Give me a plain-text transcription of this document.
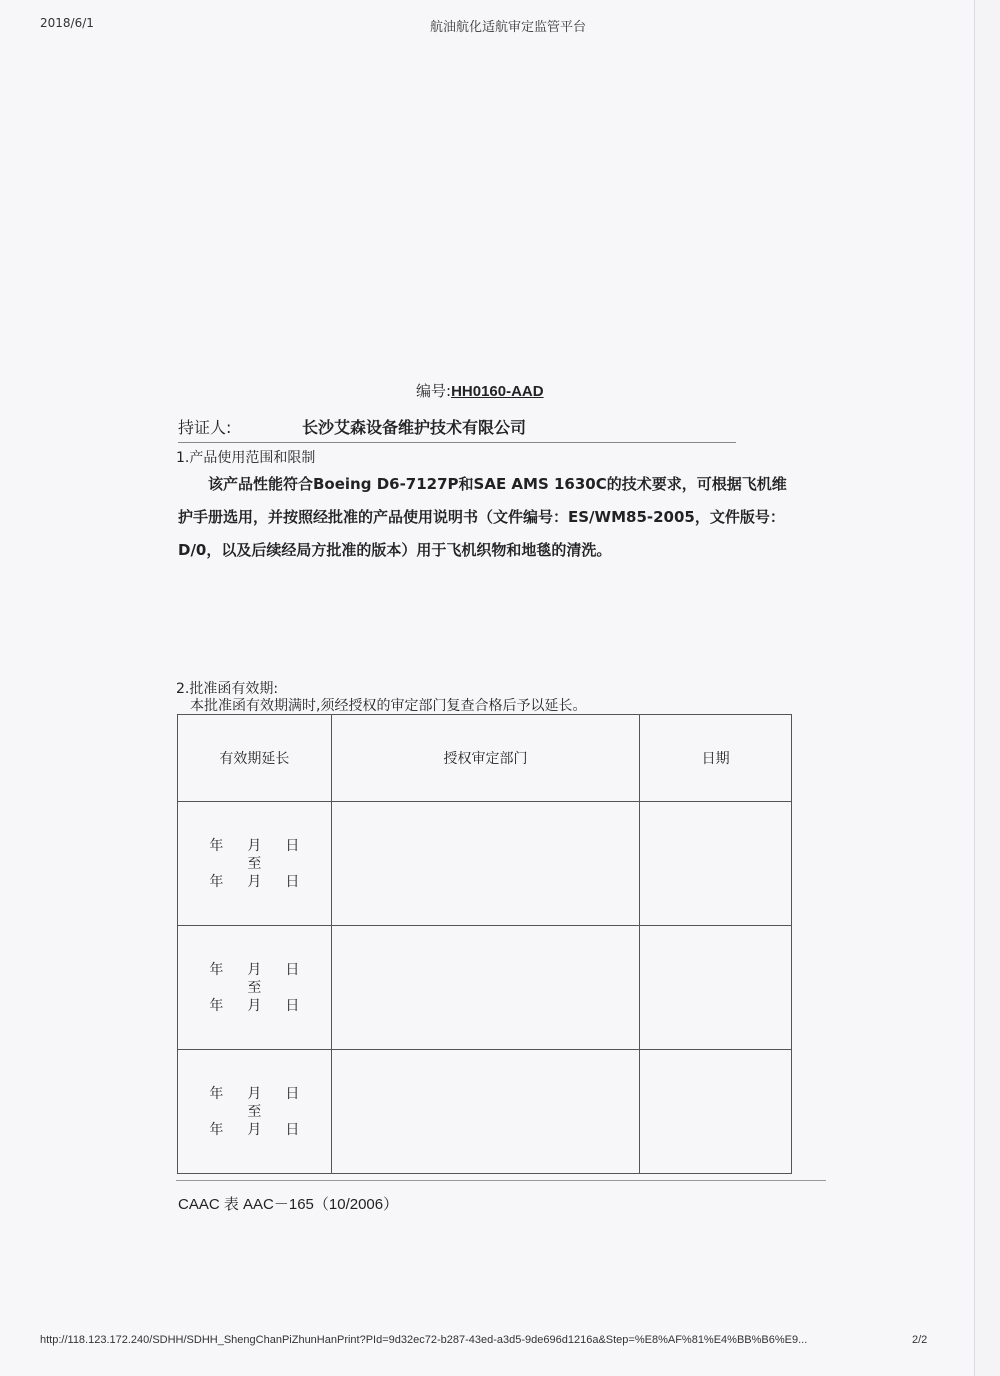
2018/6/1	航油航化适航审定监管平台
编号:HH0160-AAD
持证人:	长沙艾森设备维护技术有限公司
1.产品使用范围和限制
该产品性能符合Boeing D6-7127P和SAE AMS 1630C的技术要求，可根据飞机维护手册选用，并按照经批准的产品使用说明书（文件编号：ES/WM85-2005，文件版号：D/0，以及后续经局方批准的版本）用于飞机织物和地毯的清洗。
2.批准函有效期:
本批准函有效期满时,须经授权的审定部门复查合格后予以延长。
有效期延长	授权审定部门	日期

年 月 日
至
年 月 日		

年 月 日
至
年 月 日		

年 月 日
至
年 月 日		

CAAC 表 AAC－165（10/2006）
http://118.123.172.240/SDHH/SDHH_ShengChanPiZhunHanPrint?PId=9d32ec72-b287-43ed-a3d5-9de696d1216a&Step=%E8%AF%81%E4%BB%B6%E9...	2/2
